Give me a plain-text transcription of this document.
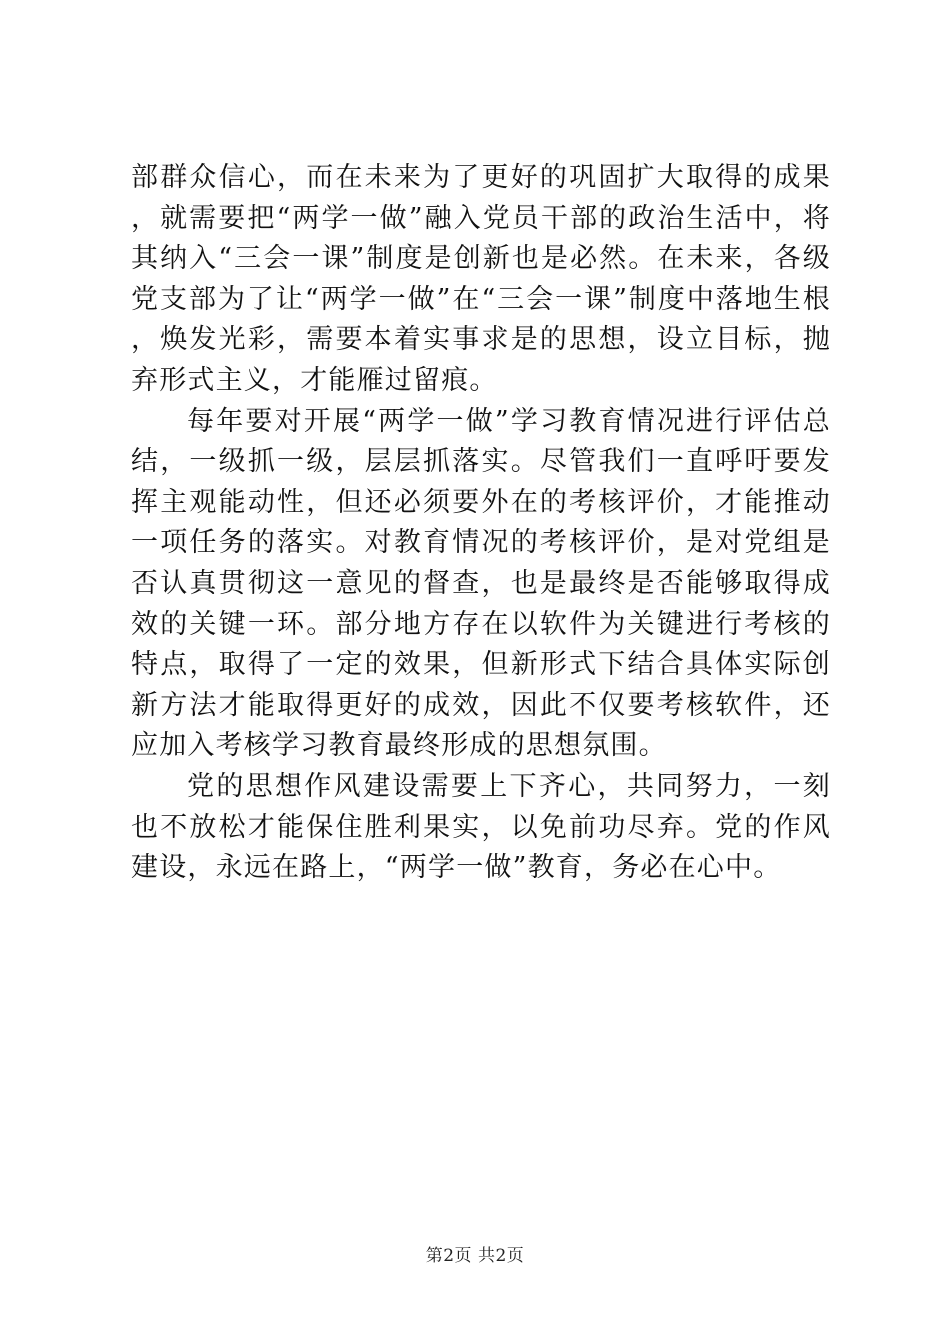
部群众信心，而在未来为了更好的巩固扩大取得的成果，就需要把“两学一做”融入党员干部的政治生活中，将其纳入“三会一课”制度是创新也是必然。在未来，各级党支部为了让“两学一做”在“三会一课”制度中落地生根，焕发光彩，需要本着实事求是的思想，设立目标，抛弃形式主义，才能雁过留痕。

每年要对开展“两学一做”学习教育情况进行评估总结，一级抓一级，层层抓落实。尽管我们一直呼吁要发挥主观能动性，但还必须要外在的考核评价，才能推动一项任务的落实。对教育情况的考核评价，是对党组是否认真贯彻这一意见的督查，也是最终是否能够取得成效的关键一环。部分地方存在以软件为关键进行考核的特点，取得了一定的效果，但新形式下结合具体实际创新方法才能取得更好的成效，因此不仅要考核软件，还应加入考核学习教育最终形成的思想氛围。

党的思想作风建设需要上下齐心，共同努力，一刻也不放松才能保住胜利果实，以免前功尽弃。党的作风建设，永远在路上，“两学一做”教育，务必在心中。

第2页 共2页
